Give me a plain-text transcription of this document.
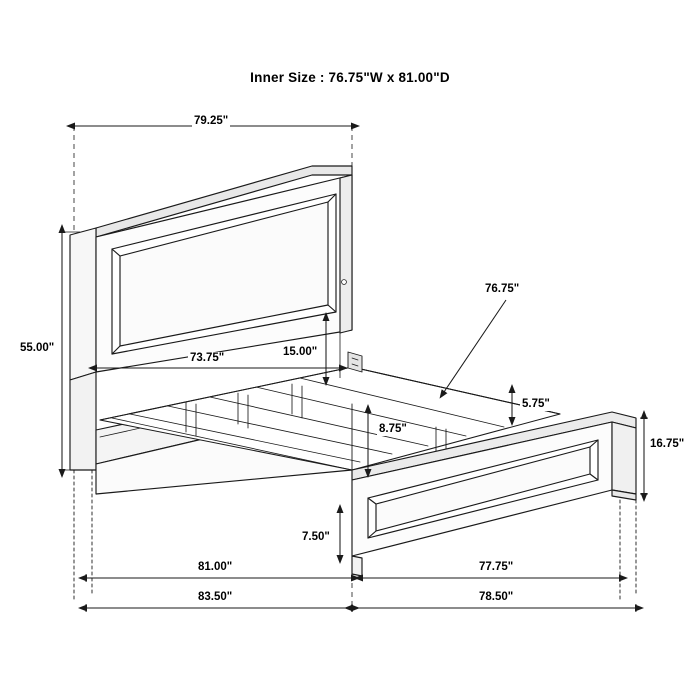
Inner Size : 76.75"W x 81.00"D
79.25"
55.00"
73.75"	15.00"
76.75"
5.75"
16.75"
8.75"
7.50"
81.00"	77.75"
83.50"	78.50"
